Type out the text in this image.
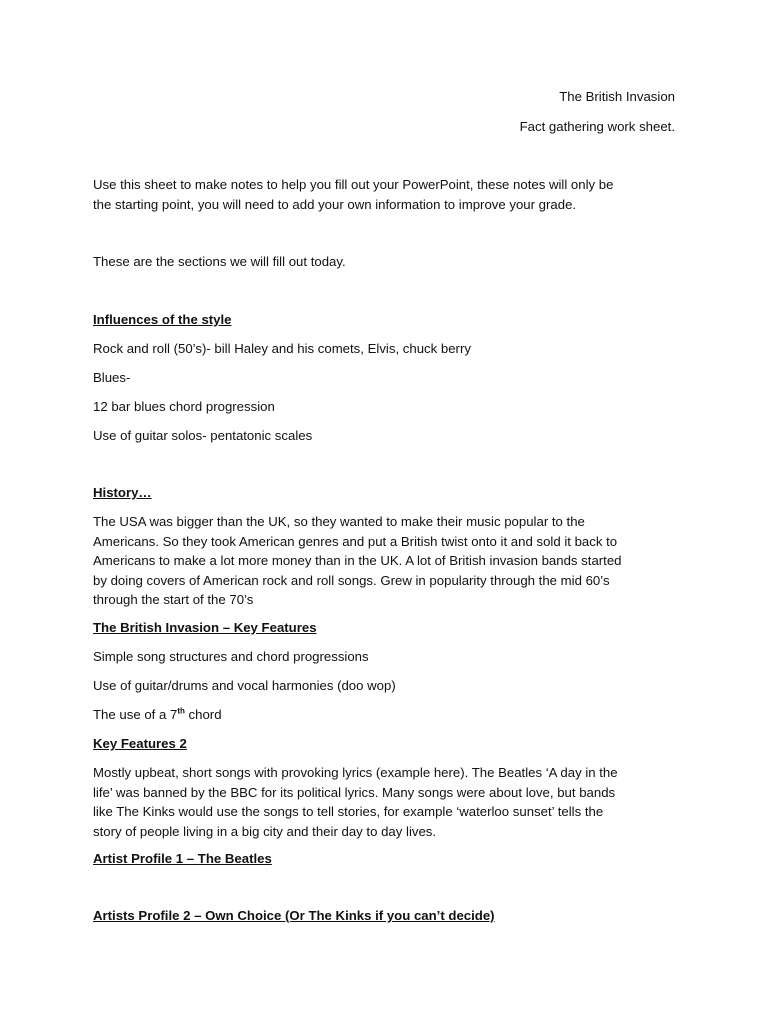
The British Invasion
Fact gathering work sheet.
Use this sheet to make notes to help you fill out your PowerPoint, these notes will only be
the starting point, you will need to add your own information to improve your grade.
These are the sections we will fill out today.
Influences of the style
Rock and roll (50’s)- bill Haley and his comets, Elvis, chuck berry
Blues-
12 bar blues chord progression
Use of guitar solos- pentatonic scales
History…
The USA was bigger than the UK, so they wanted to make their music popular to the
Americans. So they took American genres and put a British twist onto it and sold it back to
Americans to make a lot more money than in the UK. A lot of British invasion bands started
by doing covers of American rock and roll songs. Grew in popularity through the mid 60’s
through the start of the 70’s
The British Invasion – Key Features
Simple song structures and chord progressions
Use of guitar/drums and vocal harmonies (doo wop)
The use of a 7th chord
Key Features 2
Mostly upbeat, short songs with provoking lyrics (example here). The Beatles ‘A day in the
life’ was banned by the BBC for its political lyrics. Many songs were about love, but bands
like The Kinks would use the songs to tell stories, for example ‘waterloo sunset’ tells the
story of people living in a big city and their day to day lives.
Artist Profile 1 – The Beatles
Artists Profile 2 – Own Choice (Or The Kinks if you can’t decide)
